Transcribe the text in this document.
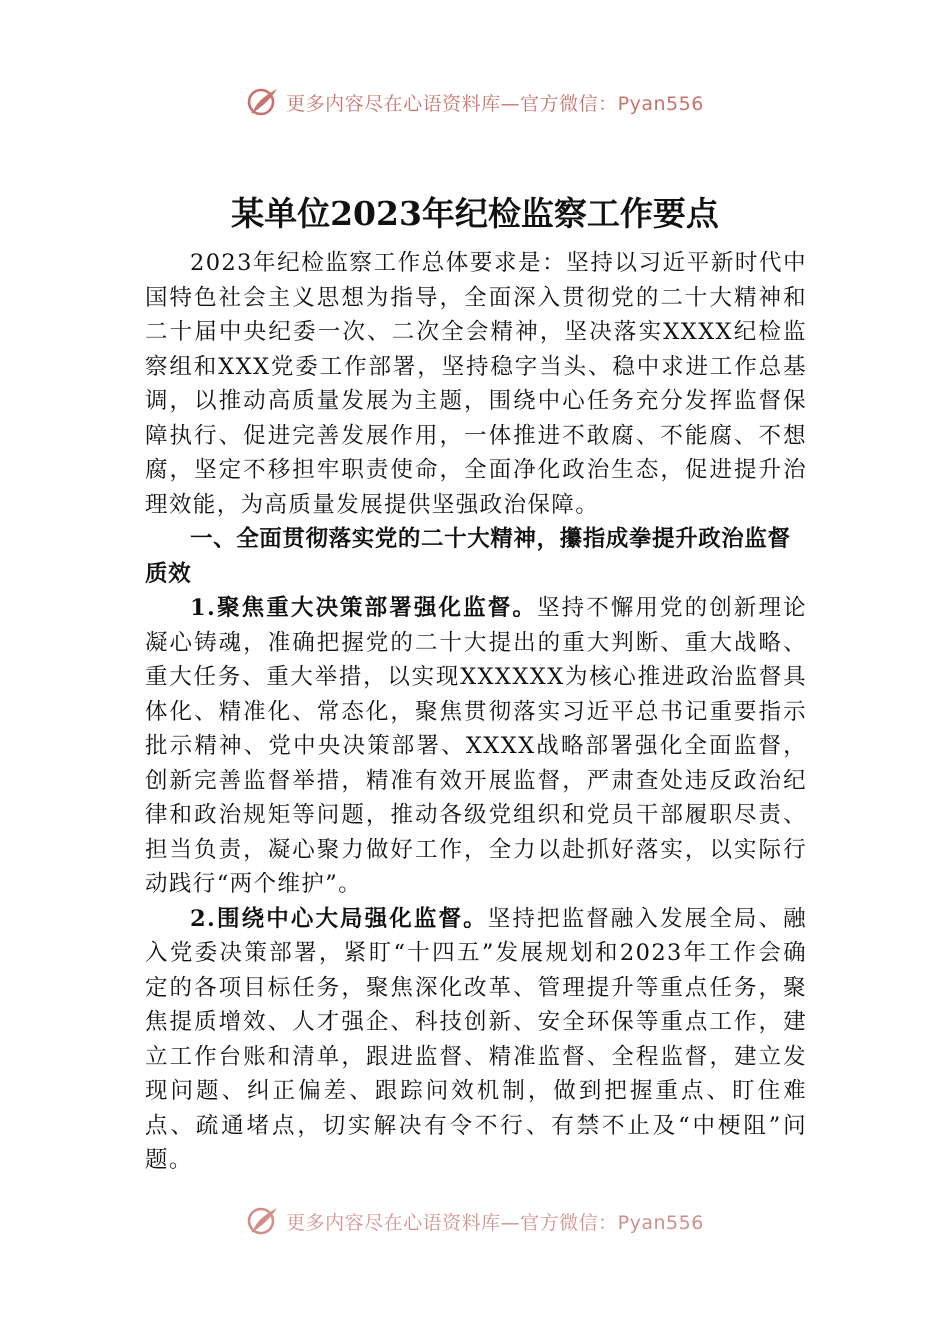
更多内容尽在心语资料库—官方微信：Pyan556
某单位2023年纪检监察工作要点

2023年纪检监察工作总体要求是：坚持以习近平新时代中国特色社会主义思想为指导，全面深入贯彻党的二十大精神和二十届中央纪委一次、二次全会精神，坚决落实XXXX纪检监察组和XXX党委工作部署，坚持稳字当头、稳中求进工作总基调，以推动高质量发展为主题，围绕中心任务充分发挥监督保障执行、促进完善发展作用，一体推进不敢腐、不能腐、不想腐，坚定不移担牢职责使命，全面净化政治生态，促进提升治理效能，为高质量发展提供坚强政治保障。

一、全面贯彻落实党的二十大精神，攥指成拳提升政治监督质效

1.聚焦重大决策部署强化监督。坚持不懈用党的创新理论凝心铸魂，准确把握党的二十大提出的重大判断、重大战略、重大任务、重大举措，以实现XXXXXX为核心推进政治监督具体化、精准化、常态化，聚焦贯彻落实习近平总书记重要指示批示精神、党中央决策部署、XXXX战略部署强化全面监督，创新完善监督举措，精准有效开展监督，严肃查处违反政治纪律和政治规矩等问题，推动各级党组织和党员干部履职尽责、担当负责，凝心聚力做好工作，全力以赴抓好落实，以实际行动践行“两个维护”。

2.围绕中心大局强化监督。坚持把监督融入发展全局、融入党委决策部署，紧盯“十四五”发展规划和2023年工作会确定的各项目标任务，聚焦深化改革、管理提升等重点任务，聚焦提质增效、人才强企、科技创新、安全环保等重点工作，建立工作台账和清单，跟进监督、精准监督、全程监督，建立发现问题、纠正偏差、跟踪问效机制，做到把握重点、盯住难点、疏通堵点，切实解决有令不行、有禁不止及“中梗阻”问题。

更多内容尽在心语资料库—官方微信：Pyan556
